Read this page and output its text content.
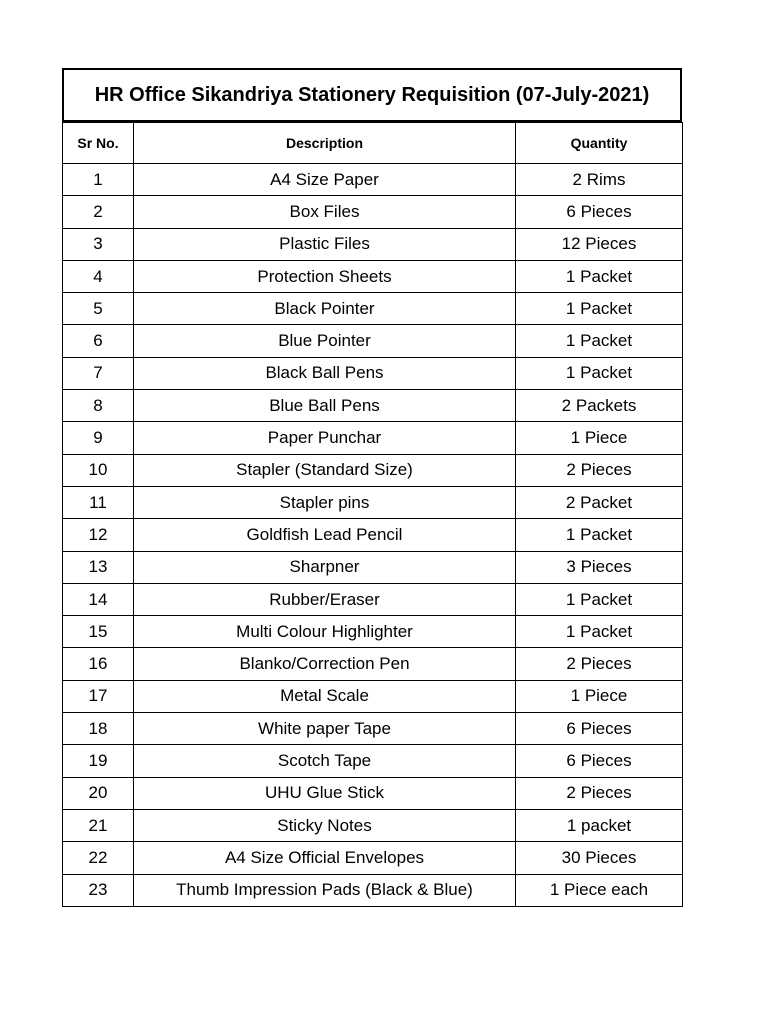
HR Office Sikandriya Stationery Requisition (07-July-2021)
Sr No.	Description	Quantity
1	A4 Size Paper	2 Rims
2	Box Files	6 Pieces
3	Plastic Files	12 Pieces
4	Protection Sheets	1 Packet
5	Black Pointer	1 Packet
6	Blue Pointer	1 Packet
7	Black Ball Pens	1 Packet
8	Blue Ball Pens	2 Packets
9	Paper Punchar	1 Piece
10	Stapler (Standard Size)	2 Pieces
11	Stapler pins	2 Packet
12	Goldfish Lead Pencil	1 Packet
13	Sharpner	3 Pieces
14	Rubber/Eraser	1 Packet
15	Multi Colour Highlighter	1 Packet
16	Blanko/Correction Pen	2 Pieces
17	Metal Scale	1 Piece
18	White paper Tape	6 Pieces
19	Scotch Tape	6 Pieces
20	UHU Glue Stick	2 Pieces
21	Sticky Notes	1 packet
22	A4 Size Official Envelopes	30 Pieces
23	Thumb Impression Pads (Black & Blue)	1 Piece each
